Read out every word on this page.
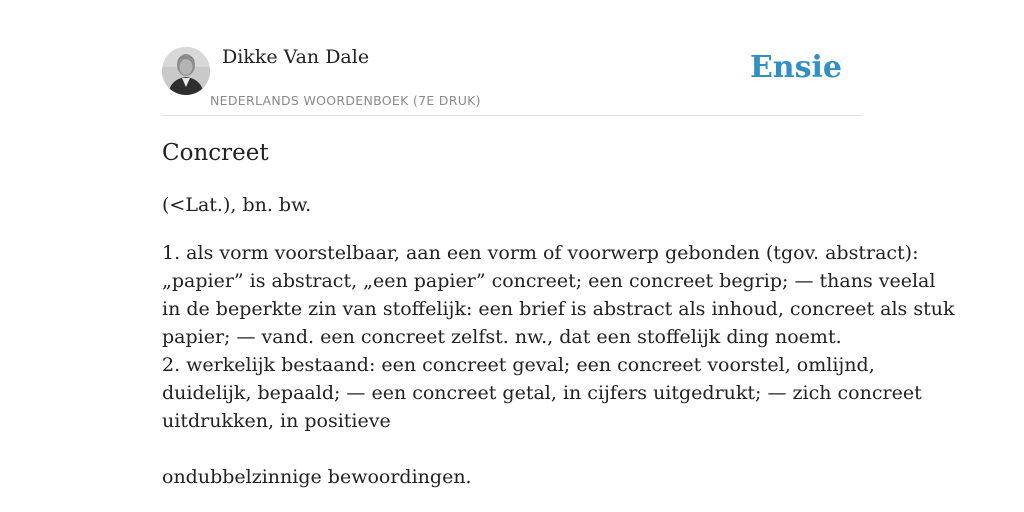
Dikke Van Dale
NEDERLANDS WOORDENBOEK (7E DRUK)
Ensie
Concreet
(<Lat.), bn. bw.
1. als vorm voorstelbaar, aan een vorm of voorwerp gebonden (tgov. abstract):
„papier” is abstract, „een papier” concreet; een concreet begrip; — thans veelal
in de beperkte zin van stoffelijk: een brief is abstract als inhoud, concreet als stuk
papier; — vand. een concreet zelfst. nw., dat een stoffelijk ding noemt.
2. werkelijk bestaand: een concreet geval; een concreet voorstel, omlijnd,
duidelijk, bepaald; — een concreet getal, in cijfers uitgedrukt; — zich concreet
uitdrukken, in positieve
ondubbelzinnige bewoordingen.
